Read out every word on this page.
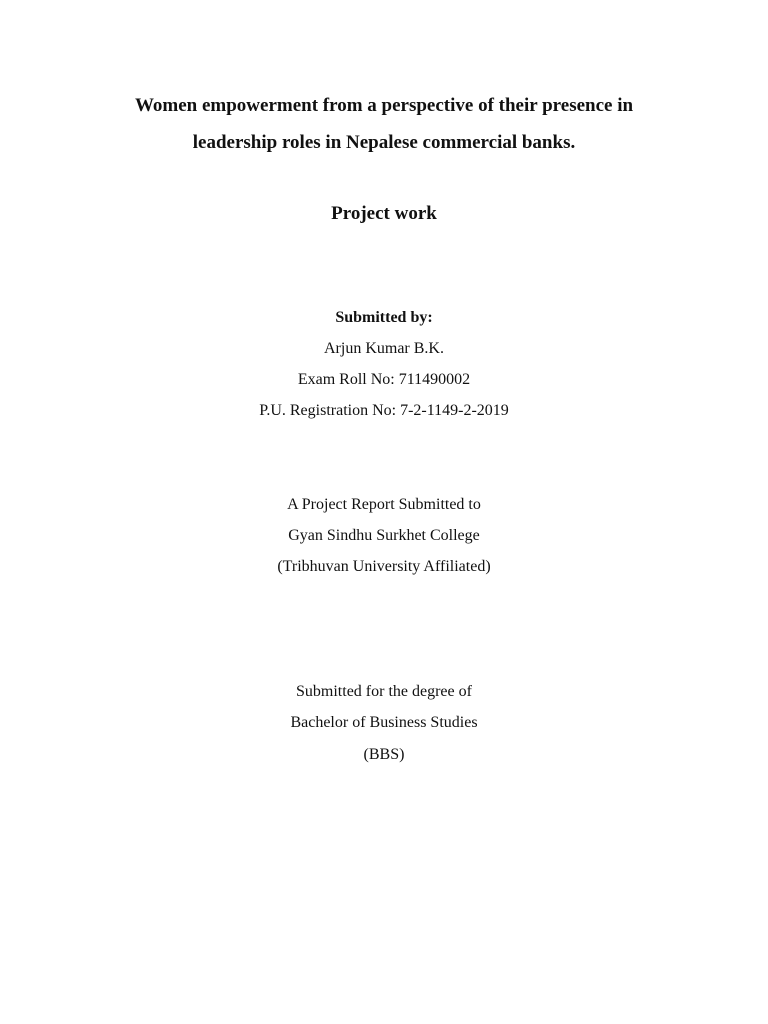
Women empowerment from a perspective of their presence in
leadership roles in Nepalese commercial banks.
Project work
Submitted by:
Arjun Kumar B.K.
Exam Roll No: 711490002
P.U. Registration No: 7-2-1149-2-2019
A Project Report Submitted to
Gyan Sindhu Surkhet College
(Tribhuvan University Affiliated)
Submitted for the degree of
Bachelor of Business Studies
(BBS)
